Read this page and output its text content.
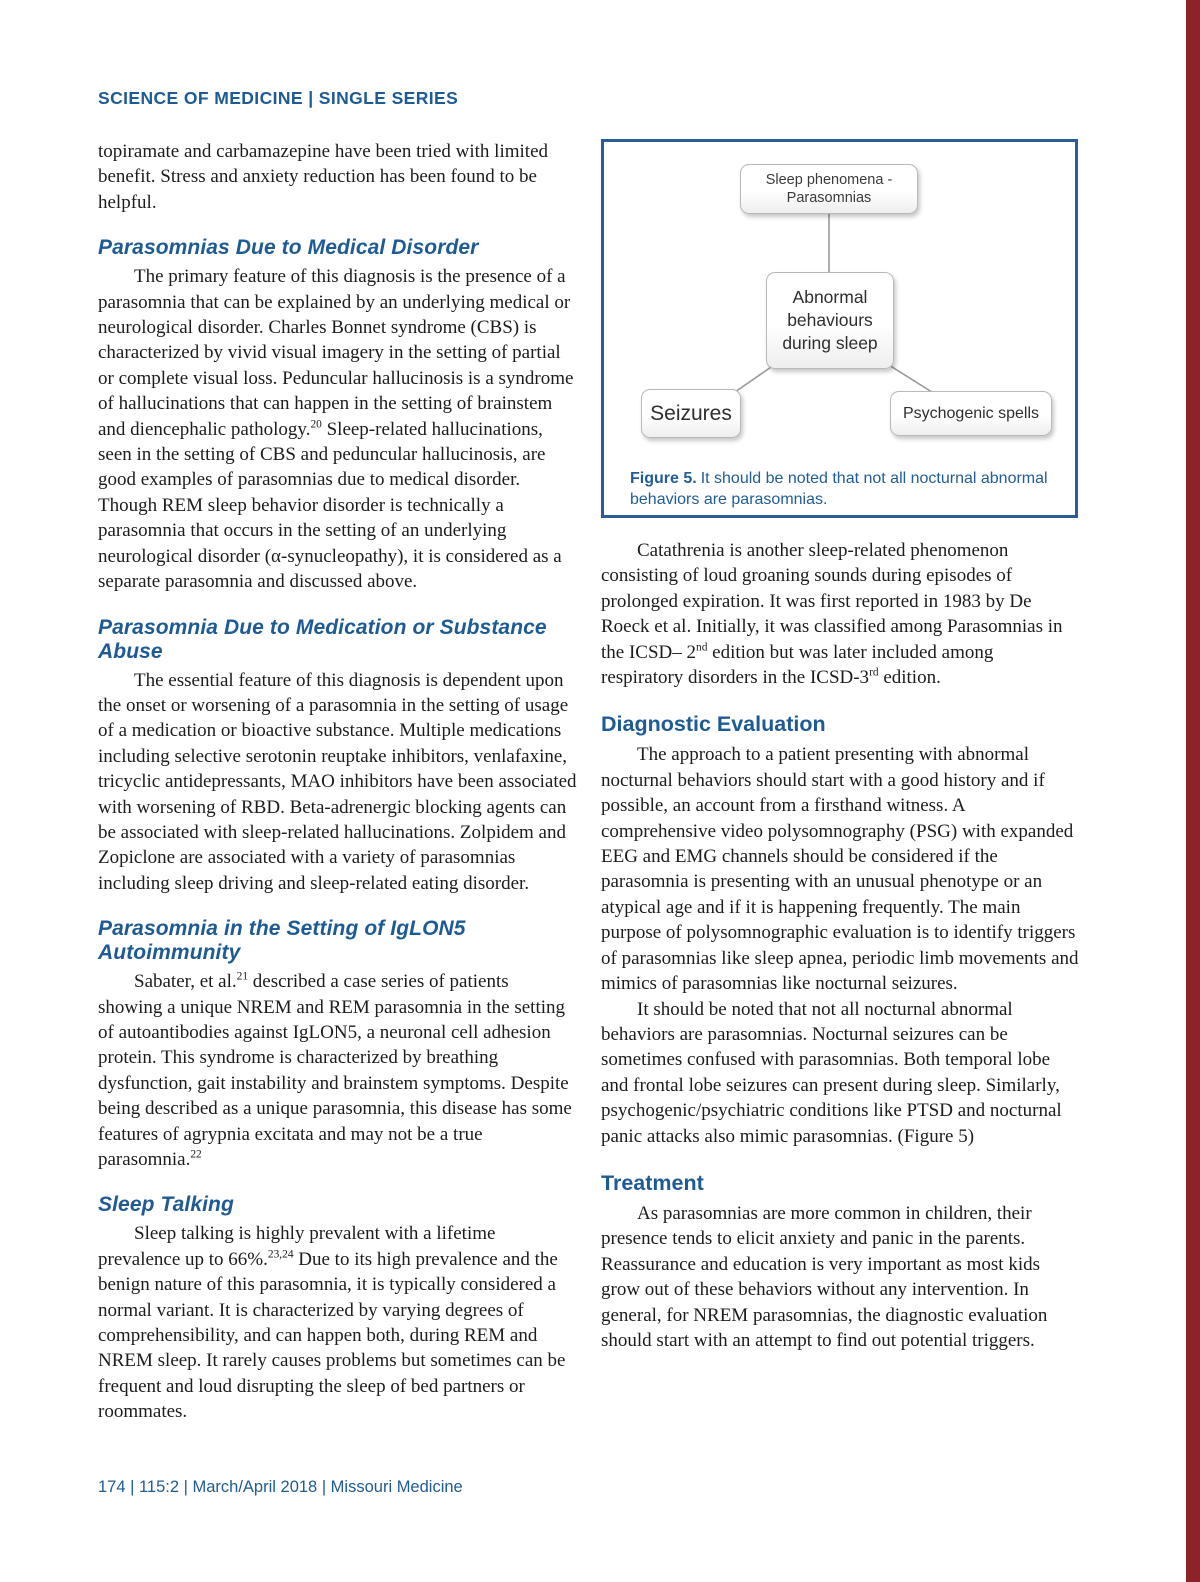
SCIENCE OF MEDICINE | SINGLE SERIES

topiramate and carbamazepine have been tried with limited benefit. Stress and anxiety reduction has been found to be helpful.

Parasomnias Due to Medical Disorder

The primary feature of this diagnosis is the presence of a parasomnia that can be explained by an underlying medical or neurological disorder. Charles Bonnet syndrome (CBS) is characterized by vivid visual imagery in the setting of partial or complete visual loss. Peduncular hallucinosis is a syndrome of hallucinations that can happen in the setting of brainstem and diencephalic pathology.$^{20}$ Sleep-related hallucinations, seen in the setting of CBS and peduncular hallucinosis, are good examples of parasomnias due to medical disorder. Though REM sleep behavior disorder is technically a parasomnia that occurs in the setting of an underlying neurological disorder (α-synucleopathy), it is considered as a separate parasomnia and discussed above.

Parasomnia Due to Medication or Substance Abuse

The essential feature of this diagnosis is dependent upon the onset or worsening of a parasomnia in the setting of usage of a medication or bioactive substance. Multiple medications including selective serotonin reuptake inhibitors, venlafaxine, tricyclic antidepressants, MAO inhibitors have been associated with worsening of RBD. Beta-adrenergic blocking agents can be associated with sleep-related hallucinations. Zolpidem and Zopiclone are associated with a variety of parasomnias including sleep driving and sleep-related eating disorder.

Parasomnia in the Setting of IgLON5 Autoimmunity

Sabater, et al.$^{21}$ described a case series of patients showing a unique NREM and REM parasomnia in the setting of autoantibodies against IgLON5, a neuronal cell adhesion protein. This syndrome is characterized by breathing dysfunction, gait instability and brainstem symptoms. Despite being described as a unique parasomnia, this disease has some features of agrypnia excitata and may not be a true parasomnia.$^{22}$

Sleep Talking

Sleep talking is highly prevalent with a lifetime prevalence up to 66%.$^{23,24}$ Due to its high prevalence and the benign nature of this parasomnia, it is typically considered a normal variant. It is characterized by varying degrees of comprehensibility, and can happen both, during REM and NREM sleep. It rarely causes problems but sometimes can be frequent and loud disrupting the sleep of bed partners or roommates.

Sleep phenomena -
Parasomnias
Abnormal behaviours during sleep
Seizures	Psychogenic spells
Figure 5. It should be noted that not all nocturnal abnormal behaviors are parasomnias.

Catathrenia is another sleep-related phenomenon consisting of loud groaning sounds during episodes of prolonged expiration. It was first reported in 1983 by De Roeck et al. Initially, it was classified among Parasomnias in the ICSD– 2nd edition but was later included among respiratory disorders in the ICSD-3rd edition.

Diagnostic Evaluation

The approach to a patient presenting with abnormal nocturnal behaviors should start with a good history and if possible, an account from a firsthand witness. A comprehensive video polysomnography (PSG) with expanded EEG and EMG channels should be considered if the parasomnia is presenting with an unusual phenotype or an atypical age and if it is happening frequently. The main purpose of polysomnographic evaluation is to identify triggers of parasomnias like sleep apnea, periodic limb movements and mimics of parasomnias like nocturnal seizures.

It should be noted that not all nocturnal abnormal behaviors are parasomnias. Nocturnal seizures can be sometimes confused with parasomnias. Both temporal lobe and frontal lobe seizures can present during sleep. Similarly, psychogenic/psychiatric conditions like PTSD and nocturnal panic attacks also mimic parasomnias. (Figure 5)

Treatment

As parasomnias are more common in children, their presence tends to elicit anxiety and panic in the parents. Reassurance and education is very important as most kids grow out of these behaviors without any intervention. In general, for NREM parasomnias, the diagnostic evaluation should start with an attempt to find out potential triggers.

174 | 115:2 | March/April 2018 | Missouri Medicine
